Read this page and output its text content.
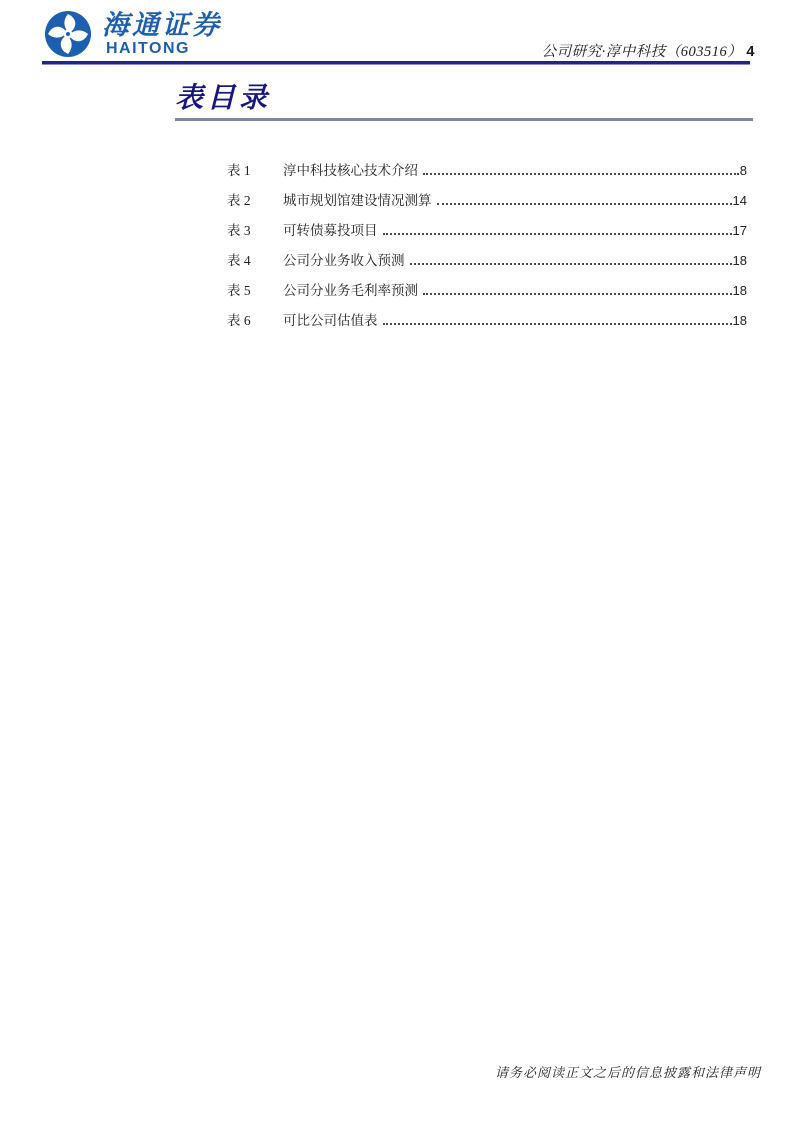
海通证券
HAITONG	公司研究·淳中科技（603516） 4
表目录
表 1	淳中科技核心技术介绍	8
表 2	城市规划馆建设情况测算	14
表 3	可转债募投项目	17
表 4	公司分业务收入预测	18
表 5	公司分业务毛利率预测	18
表 6	可比公司估值表	18
请务必阅读正文之后的信息披露和法律声明
